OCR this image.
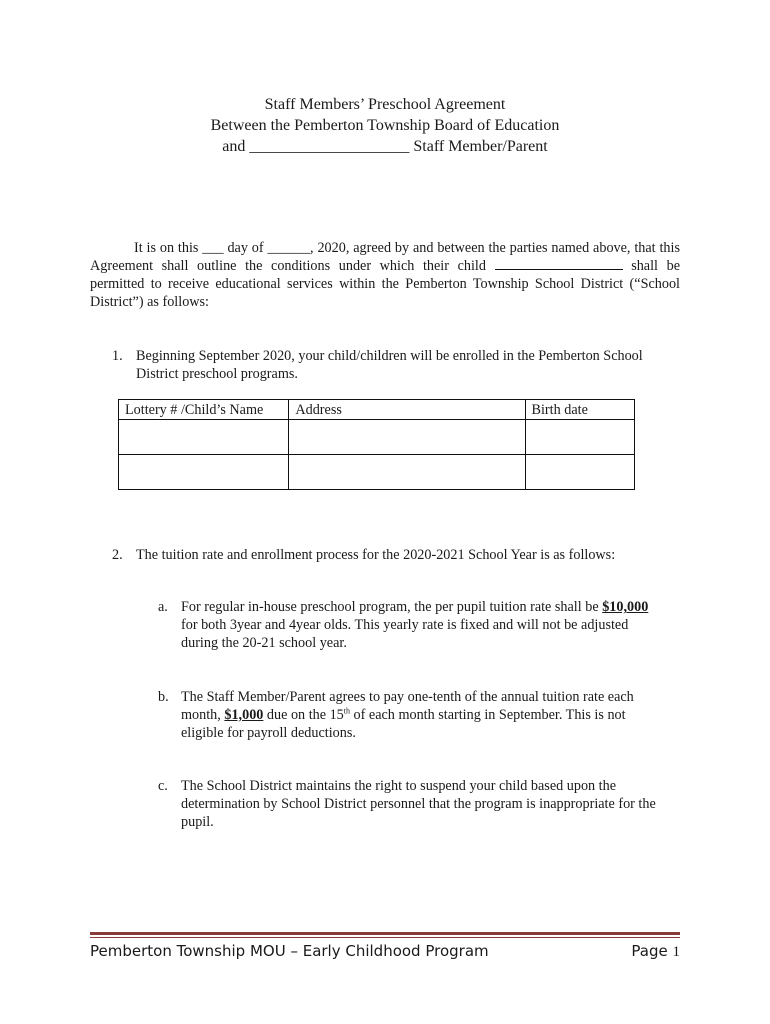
Staff Members’ Preschool Agreement
Between the Pemberton Township Board of Education
and ____________________ Staff Member/Parent
It is on this ___ day of ______, 2020, agreed by and between the parties named above, that this Agreement shall outline the conditions under which their child	shall be permitted to receive educational services within the Pemberton Township School District (“School District”) as follows:
1. Beginning September 2020, your child/children will be enrolled in the Pemberton School District preschool programs.
Lottery # /Child’s Name	Address	Birth date

2. The tuition rate and enrollment process for the 2020-2021 School Year is as follows:
a. For regular in-house preschool program, the per pupil tuition rate shall be $10,000 for both 3year and 4year olds. This yearly rate is fixed and will not be adjusted during the 20-21 school year.
b. The Staff Member/Parent agrees to pay one-tenth of the annual tuition rate each month, $1,000 due on the 15th of each month starting in September. This is not eligible for payroll deductions.
c. The School District maintains the right to suspend your child based upon the determination by School District personnel that the program is inappropriate for the pupil.
Pemberton Township MOU – Early Childhood Program	Page 1
